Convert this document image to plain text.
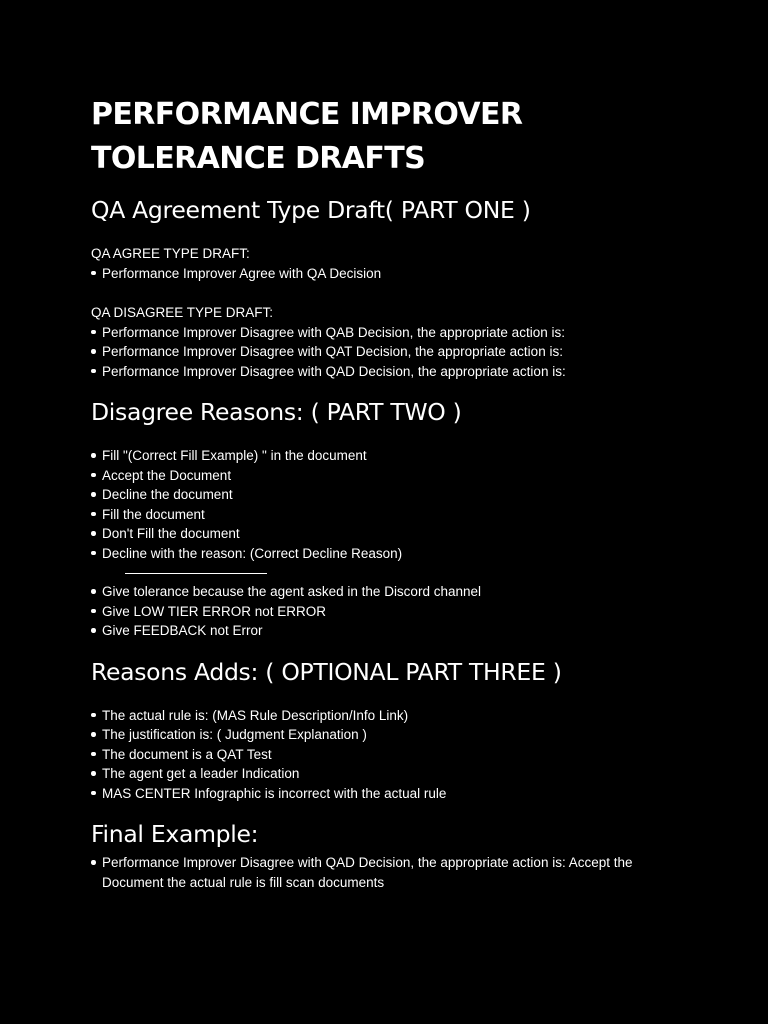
PERFORMANCE IMPROVER
TOLERANCE DRAFTS
QA Agreement Type Draft( PART ONE )

QA AGREE TYPE DRAFT:

Performance Improver Agree with QA Decision

QA DISAGREE TYPE DRAFT:

Performance Improver Disagree with QAB Decision, the appropriate action is:
Performance Improver Disagree with QAT Decision, the appropriate action is:
Performance Improver Disagree with QAD Decision, the appropriate action is:
Disagree Reasons: ( PART TWO )
Fill "(Correct Fill Example) " in the document
Accept the Document
Decline the document
Fill the document
Don't Fill the document
Decline with the reason: (Correct Decline Reason)
Give tolerance because the agent asked in the Discord channel
Give LOW TIER ERROR not ERROR
Give FEEDBACK not Error
Reasons Adds: ( OPTIONAL PART THREE )
The actual rule is: (MAS Rule Description/Info Link)
The justification is: ( Judgment Explanation )
The document is a QAT Test
The agent get a leader Indication
MAS CENTER Infographic is incorrect with the actual rule
Final Example:
Performance Improver Disagree with QAD Decision, the appropriate action is: Accept the Document the actual rule is fill scan documents
